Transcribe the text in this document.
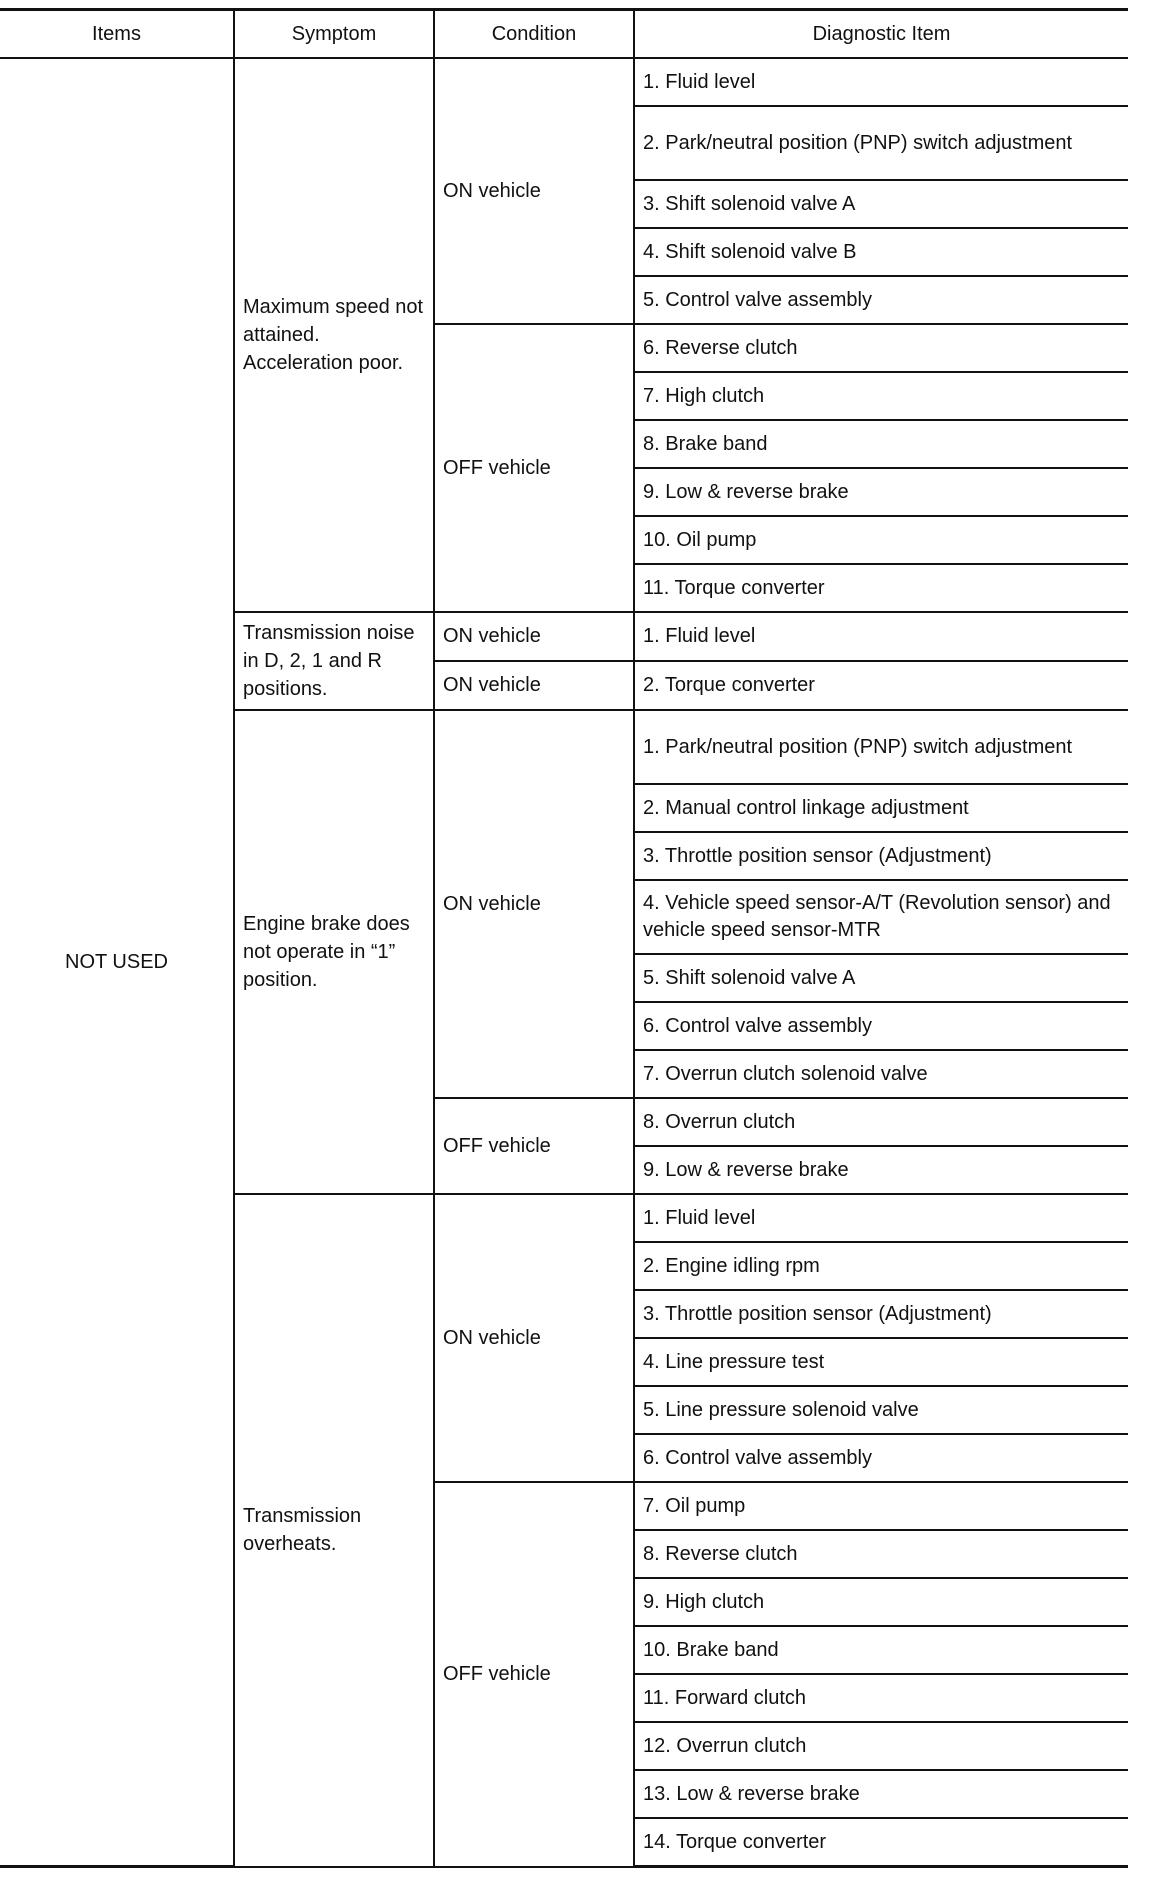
Items	Symptom	Condition	Diagnostic Item
NOT USED	Maximum speed not attained. Acceleration poor.	ON vehicle	1. Fluid level
			2. Park/neutral position (PNP) switch adjustment
			3. Shift solenoid valve A
			4. Shift solenoid valve B
			5. Control valve assembly
		OFF vehicle	6. Reverse clutch
			7. High clutch
			8. Brake band
			9. Low & reverse brake
			10. Oil pump
			11. Torque converter
	Transmission noise in D, 2, 1 and R positions.	ON vehicle	1. Fluid level
		ON vehicle	2. Torque converter
	Engine brake does not operate in “1” position.	ON vehicle	1. Park/neutral position (PNP) switch adjustment
			2. Manual control linkage adjustment
			3. Throttle position sensor (Adjustment)
			4. Vehicle speed sensor-A/T (Revolution sensor) and vehicle speed sensor-MTR
			5. Shift solenoid valve A
			6. Control valve assembly
			7. Overrun clutch solenoid valve
		OFF vehicle	8. Overrun clutch
			9. Low & reverse brake
	Transmission overheats.	ON vehicle	1. Fluid level
			2. Engine idling rpm
			3. Throttle position sensor (Adjustment)
			4. Line pressure test
			5. Line pressure solenoid valve
			6. Control valve assembly
		OFF vehicle	7. Oil pump
			8. Reverse clutch
			9. High clutch
			10. Brake band
			11. Forward clutch
			12. Overrun clutch
			13. Low & reverse brake
			14. Torque converter
